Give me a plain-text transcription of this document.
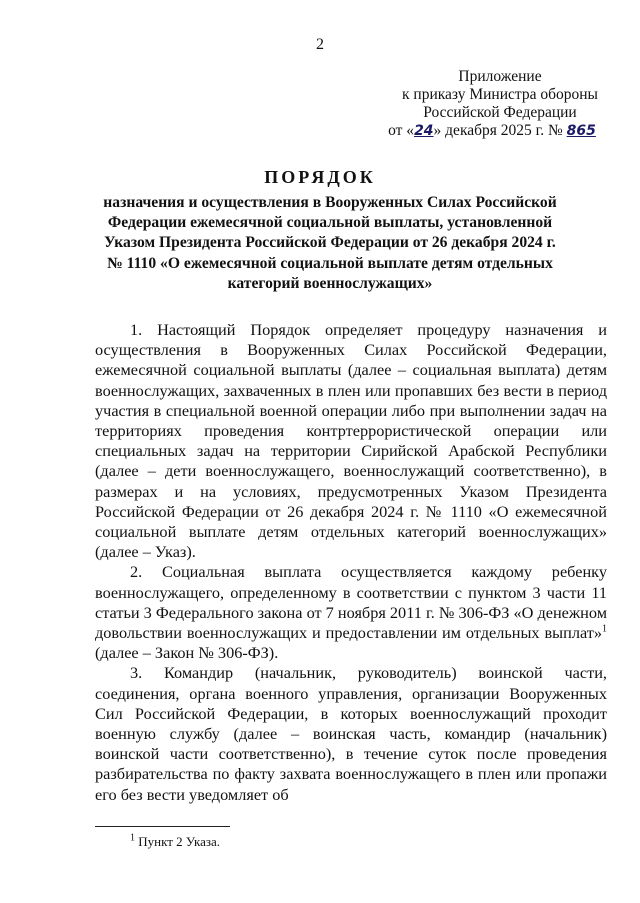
2
Приложение
к приказу Министра обороны
Российской Федерации
от «24» декабря 2025 г. № 865
ПОРЯДОК
назначения и осуществления в Вооруженных Силах Российской Федерации ежемесячной социальной выплаты, установленной Указом Президента Российской Федерации от 26 декабря 2024 г. № 1110 «О ежемесячной социальной выплате детям отдельных категорий военнослужащих»

1. Настоящий Порядок определяет процедуру назначения и осуществления в Вооруженных Силах Российской Федерации, ежемесячной социальной выплаты (далее – социальная выплата) детям военнослужащих, захваченных в плен или пропавших без вести в период участия в специальной военной операции либо при выполнении задач на территориях проведения контртеррористической операции или специальных задач на территории Сирийской Арабской Республики (далее – дети военнослужащего, военнослужащий соответственно), в размерах и на условиях, предусмотренных Указом Президента Российской Федерации от 26 декабря 2024 г. № 1110 «О ежемесячной социальной выплате детям отдельных категорий военнослужащих» (далее – Указ).

2. Социальная выплата осуществляется каждому ребенку военнослужащего, определенному в соответствии с пунктом 3 части 11 статьи 3 Федерального закона от 7 ноября 2011 г. № 306-ФЗ «О денежном довольствии военнослужащих и предоставлении им отдельных выплат»$^1$ (далее – Закон № 306-ФЗ).

3. Командир (начальник, руководитель) воинской части, соединения, органа военного управления, организации Вооруженных Сил Российской Федерации, в которых военнослужащий проходит военную службу (далее – воинская часть, командир (начальник) воинской части соответственно), в течение суток после проведения разбирательства по факту захвата военнослужащего в плен или пропажи его без вести уведомляет об

$^1$ Пункт 2 Указа.
